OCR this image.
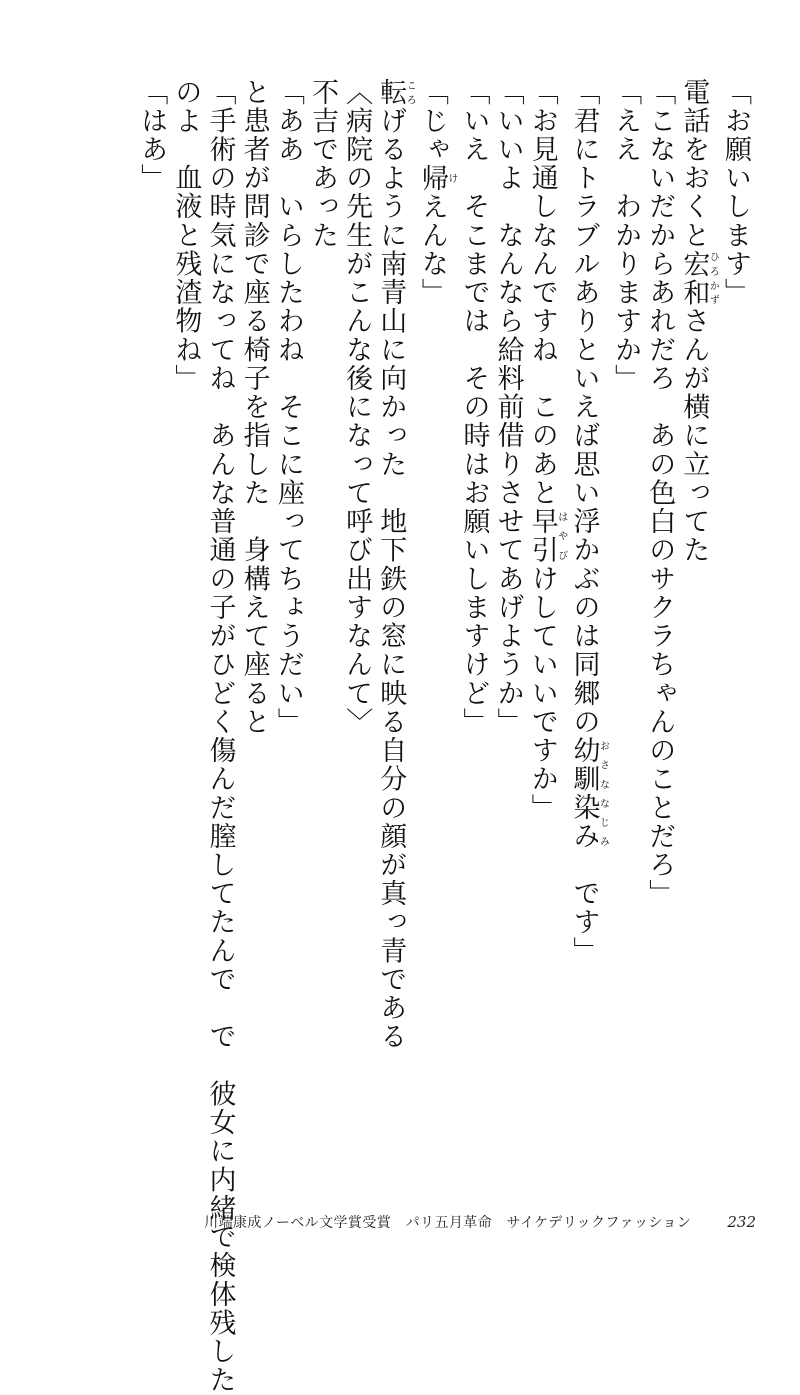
「お願いします」
電話をおくと宏和ひろかずさんが横に立ってた
「こないだからあれだろ　あの色白のサクラちゃんのことだろ」
「ええ　わかりますか」
「君にトラブルありといえば思い浮かぶのは同郷の幼馴染みおさななじみ　です」
「お見通しなんですね　このあと早引はやびけしていいですか」
「いいよ　なんなら給料前借りさせてあげようか」
「いえ　そこまでは　その時はお願いしますけど」
「じゃ帰けえんな」
転ころげるように南青山に向かった　地下鉄の窓に映る自分の顔が真っ青である
〈病院の先生がこんな後になって呼び出すなんて〉
不吉であった
「ああ　いらしたわね　そこに座ってちょうだい」
と患者が問診で座る椅子を指した　身構えて座ると
「手術の時気になってね　あんな普通の子がひどく傷んだ膣してたんで　で　彼女に内緒で検体残した
のよ　血液と残渣物ね」
「はあ」
川端康成ノーベル文学賞受賞　パリ五月革命　サイケデリックファッション 232
